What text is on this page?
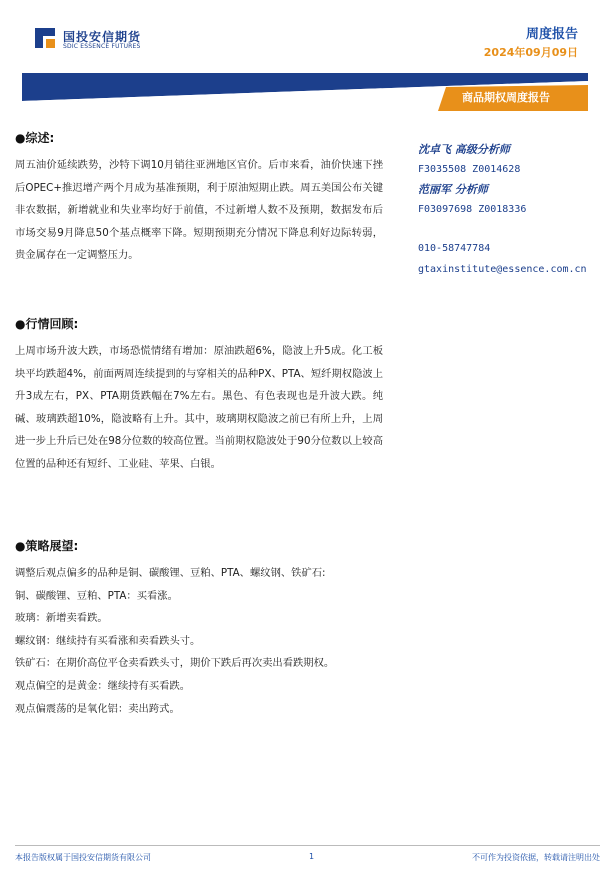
国投安信期货
SDIC ESSENCE FUTURES
周度报告
2024年09月09日
商品期权周度报告
●综述:

周五油价延续跌势，沙特下调10月销往亚洲地区官价。后市来看，油价快速下挫后OPEC+推迟增产两个月成为基准预期，利于原油短期止跌。周五美国公布关键非农数据，新增就业和失业率均好于前值，不过新增人数不及预期，数据发布后市场交易9月降息50个基点概率下降。短期预期充分情况下降息利好边际转弱，贵金属存在一定调整压力。

●行情回顾:

上周市场升波大跌，市场恐慌情绪有增加：原油跌超6%，隐波上升5成。化工板块平均跌超4%，前面两周连续提到的与穿相关的品种PX、PTA、短纤期权隐波上升3成左右，PX、PTA期货跌幅在7%左右。黑色、有色表现也是升波大跌。纯碱、玻璃跌超10%，隐波略有上升。其中，玻璃期权隐波之前已有所上升，上周进一步上升后已处在98分位数的较高位置。当前期权隐波处于90分位数以上较高位置的品种还有短纤、工业硅、苹果、白银。

●策略展望:

调整后观点偏多的品种是铜、碳酸锂、豆粕、PTA、螺纹钢、铁矿石:

铜、碳酸锂、豆粕、PTA：买看涨。

玻璃：新增卖看跌。

螺纹钢：继续持有买看涨和卖看跌头寸。

铁矿石：在期价高位平仓卖看跌头寸，期价下跌后再次卖出看跌期权。

观点偏空的是黄金：继续持有买看跌。

观点偏震荡的是氧化铝：卖出跨式。

沈卓飞 高级分析师
F3035508 Z0014628
范丽军 分析师
F03097698 Z0018336
010-58747784
gtaxinstitute@essence.com.cn
本报告版权属于国投安信期货有限公司	1	不可作为投资依据，转载请注明出处
